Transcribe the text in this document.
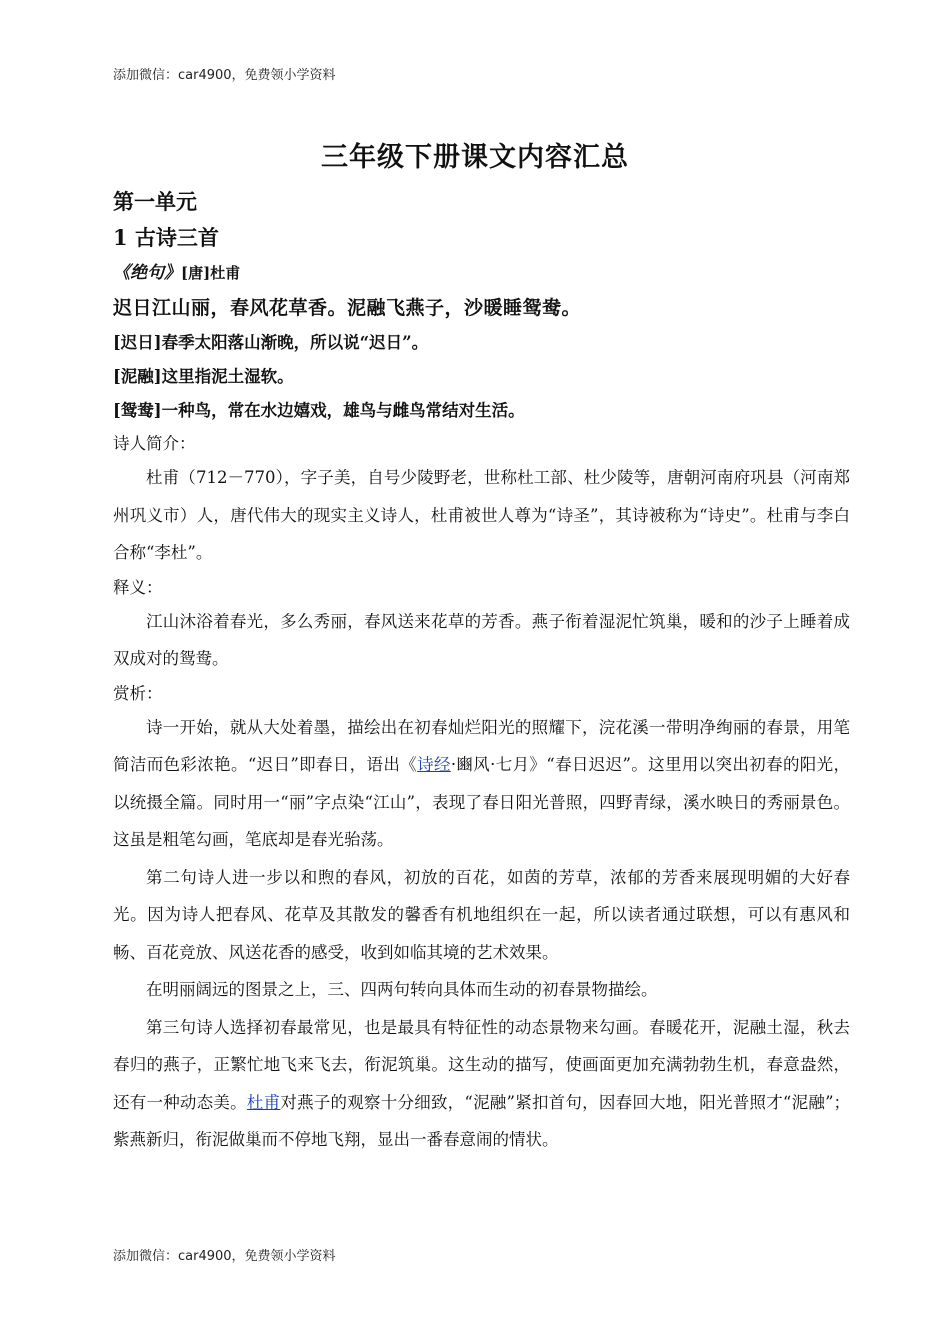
添加微信：car4900，免费领小学资料
三年级下册课文内容汇总
第一单元
1 古诗三首
《绝句》[唐]杜甫
迟日江山丽，春风花草香。泥融飞燕子，沙暖睡鸳鸯。
[迟日]春季太阳落山渐晚，所以说“迟日”。
[泥融]这里指泥土湿软。
[鸳鸯]一种鸟，常在水边嬉戏，雄鸟与雌鸟常结对生活。
诗人简介：

杜甫（712－770），字子美，自号少陵野老，世称杜工部、杜少陵等，唐朝河南府巩县（河南郑州巩义市）人，唐代伟大的现实主义诗人，杜甫被世人尊为“诗圣”，其诗被称为“诗史”。杜甫与李白合称“李杜”。

释义：

江山沐浴着春光，多么秀丽，春风送来花草的芳香。燕子衔着湿泥忙筑巢，暖和的沙子上睡着成双成对的鸳鸯。

赏析：

诗一开始，就从大处着墨，描绘出在初春灿烂阳光的照耀下，浣花溪一带明净绚丽的春景，用笔简洁而色彩浓艳。“迟日”即春日，语出《诗经·豳风·七月》“春日迟迟”。这里用以突出初春的阳光，以统摄全篇。同时用一“丽”字点染“江山”，表现了春日阳光普照，四野青绿，溪水映日的秀丽景色。这虽是粗笔勾画，笔底却是春光骀荡。

第二句诗人进一步以和煦的春风，初放的百花，如茵的芳草，浓郁的芳香来展现明媚的大好春光。因为诗人把春风、花草及其散发的馨香有机地组织在一起，所以读者通过联想，可以有惠风和畅、百花竞放、风送花香的感受，收到如临其境的艺术效果。

在明丽阔远的图景之上，三、四两句转向具体而生动的初春景物描绘。

第三句诗人选择初春最常见，也是最具有特征性的动态景物来勾画。春暖花开，泥融土湿，秋去春归的燕子，正繁忙地飞来飞去，衔泥筑巢。这生动的描写，使画面更加充满勃勃生机，春意盎然，还有一种动态美。杜甫对燕子的观察十分细致，“泥融”紧扣首句，因春回大地，阳光普照才“泥融”；紫燕新归，衔泥做巢而不停地飞翔，显出一番春意闹的情状。

添加微信：car4900，免费领小学资料
